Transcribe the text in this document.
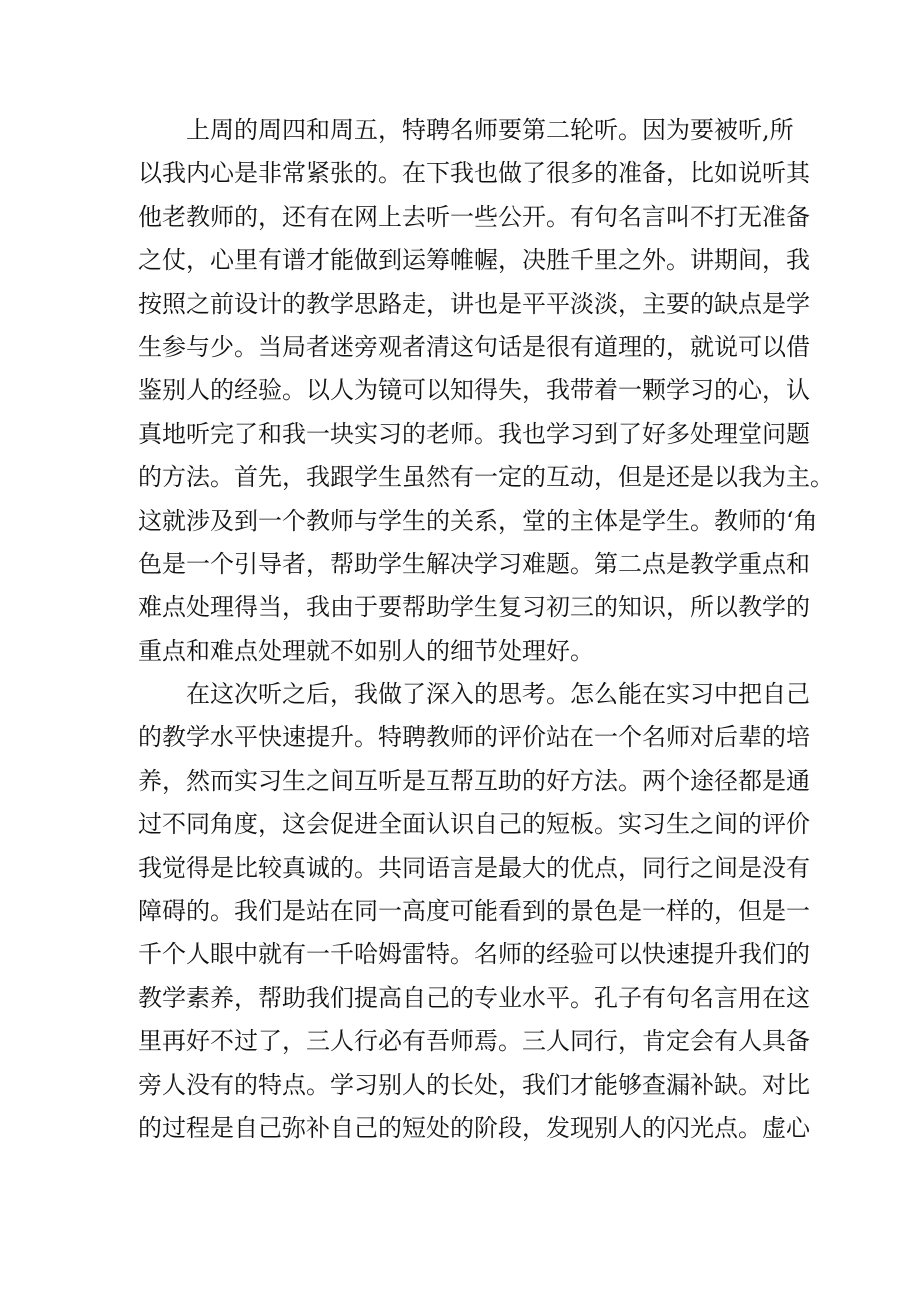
上周的周四和周五，特聘名师要第二轮听。因为要被听,所
以我内心是非常紧张的。在下我也做了很多的准备，比如说听其
他老教师的，还有在网上去听一些公开。有句名言叫不打无准备
之仗，心里有谱才能做到运筹帷幄，决胜千里之外。讲期间，我
按照之前设计的教学思路走，讲也是平平淡淡，主要的缺点是学
生参与少。当局者迷旁观者清这句话是很有道理的，就说可以借
鉴别人的经验。以人为镜可以知得失，我带着一颗学习的心，认
真地听完了和我一块实习的老师。我也学习到了好多处理堂问题
的方法。首先，我跟学生虽然有一定的互动，但是还是以我为主。
这就涉及到一个教师与学生的关系，堂的主体是学生。教师的‘角
色是一个引导者，帮助学生解决学习难题。第二点是教学重点和
难点处理得当，我由于要帮助学生复习初三的知识，所以教学的
重点和难点处理就不如别人的细节处理好。
在这次听之后，我做了深入的思考。怎么能在实习中把自己
的教学水平快速提升。特聘教师的评价站在一个名师对后辈的培
养，然而实习生之间互听是互帮互助的好方法。两个途径都是通
过不同角度，这会促进全面认识自己的短板。实习生之间的评价
我觉得是比较真诚的。共同语言是最大的优点，同行之间是没有
障碍的。我们是站在同一高度可能看到的景色是一样的，但是一
千个人眼中就有一千哈姆雷特。名师的经验可以快速提升我们的
教学素养，帮助我们提高自己的专业水平。孔子有句名言用在这
里再好不过了，三人行必有吾师焉。三人同行，肯定会有人具备
旁人没有的特点。学习别人的长处，我们才能够查漏补缺。对比
的过程是自己弥补自己的短处的阶段，发现别人的闪光点。虚心
